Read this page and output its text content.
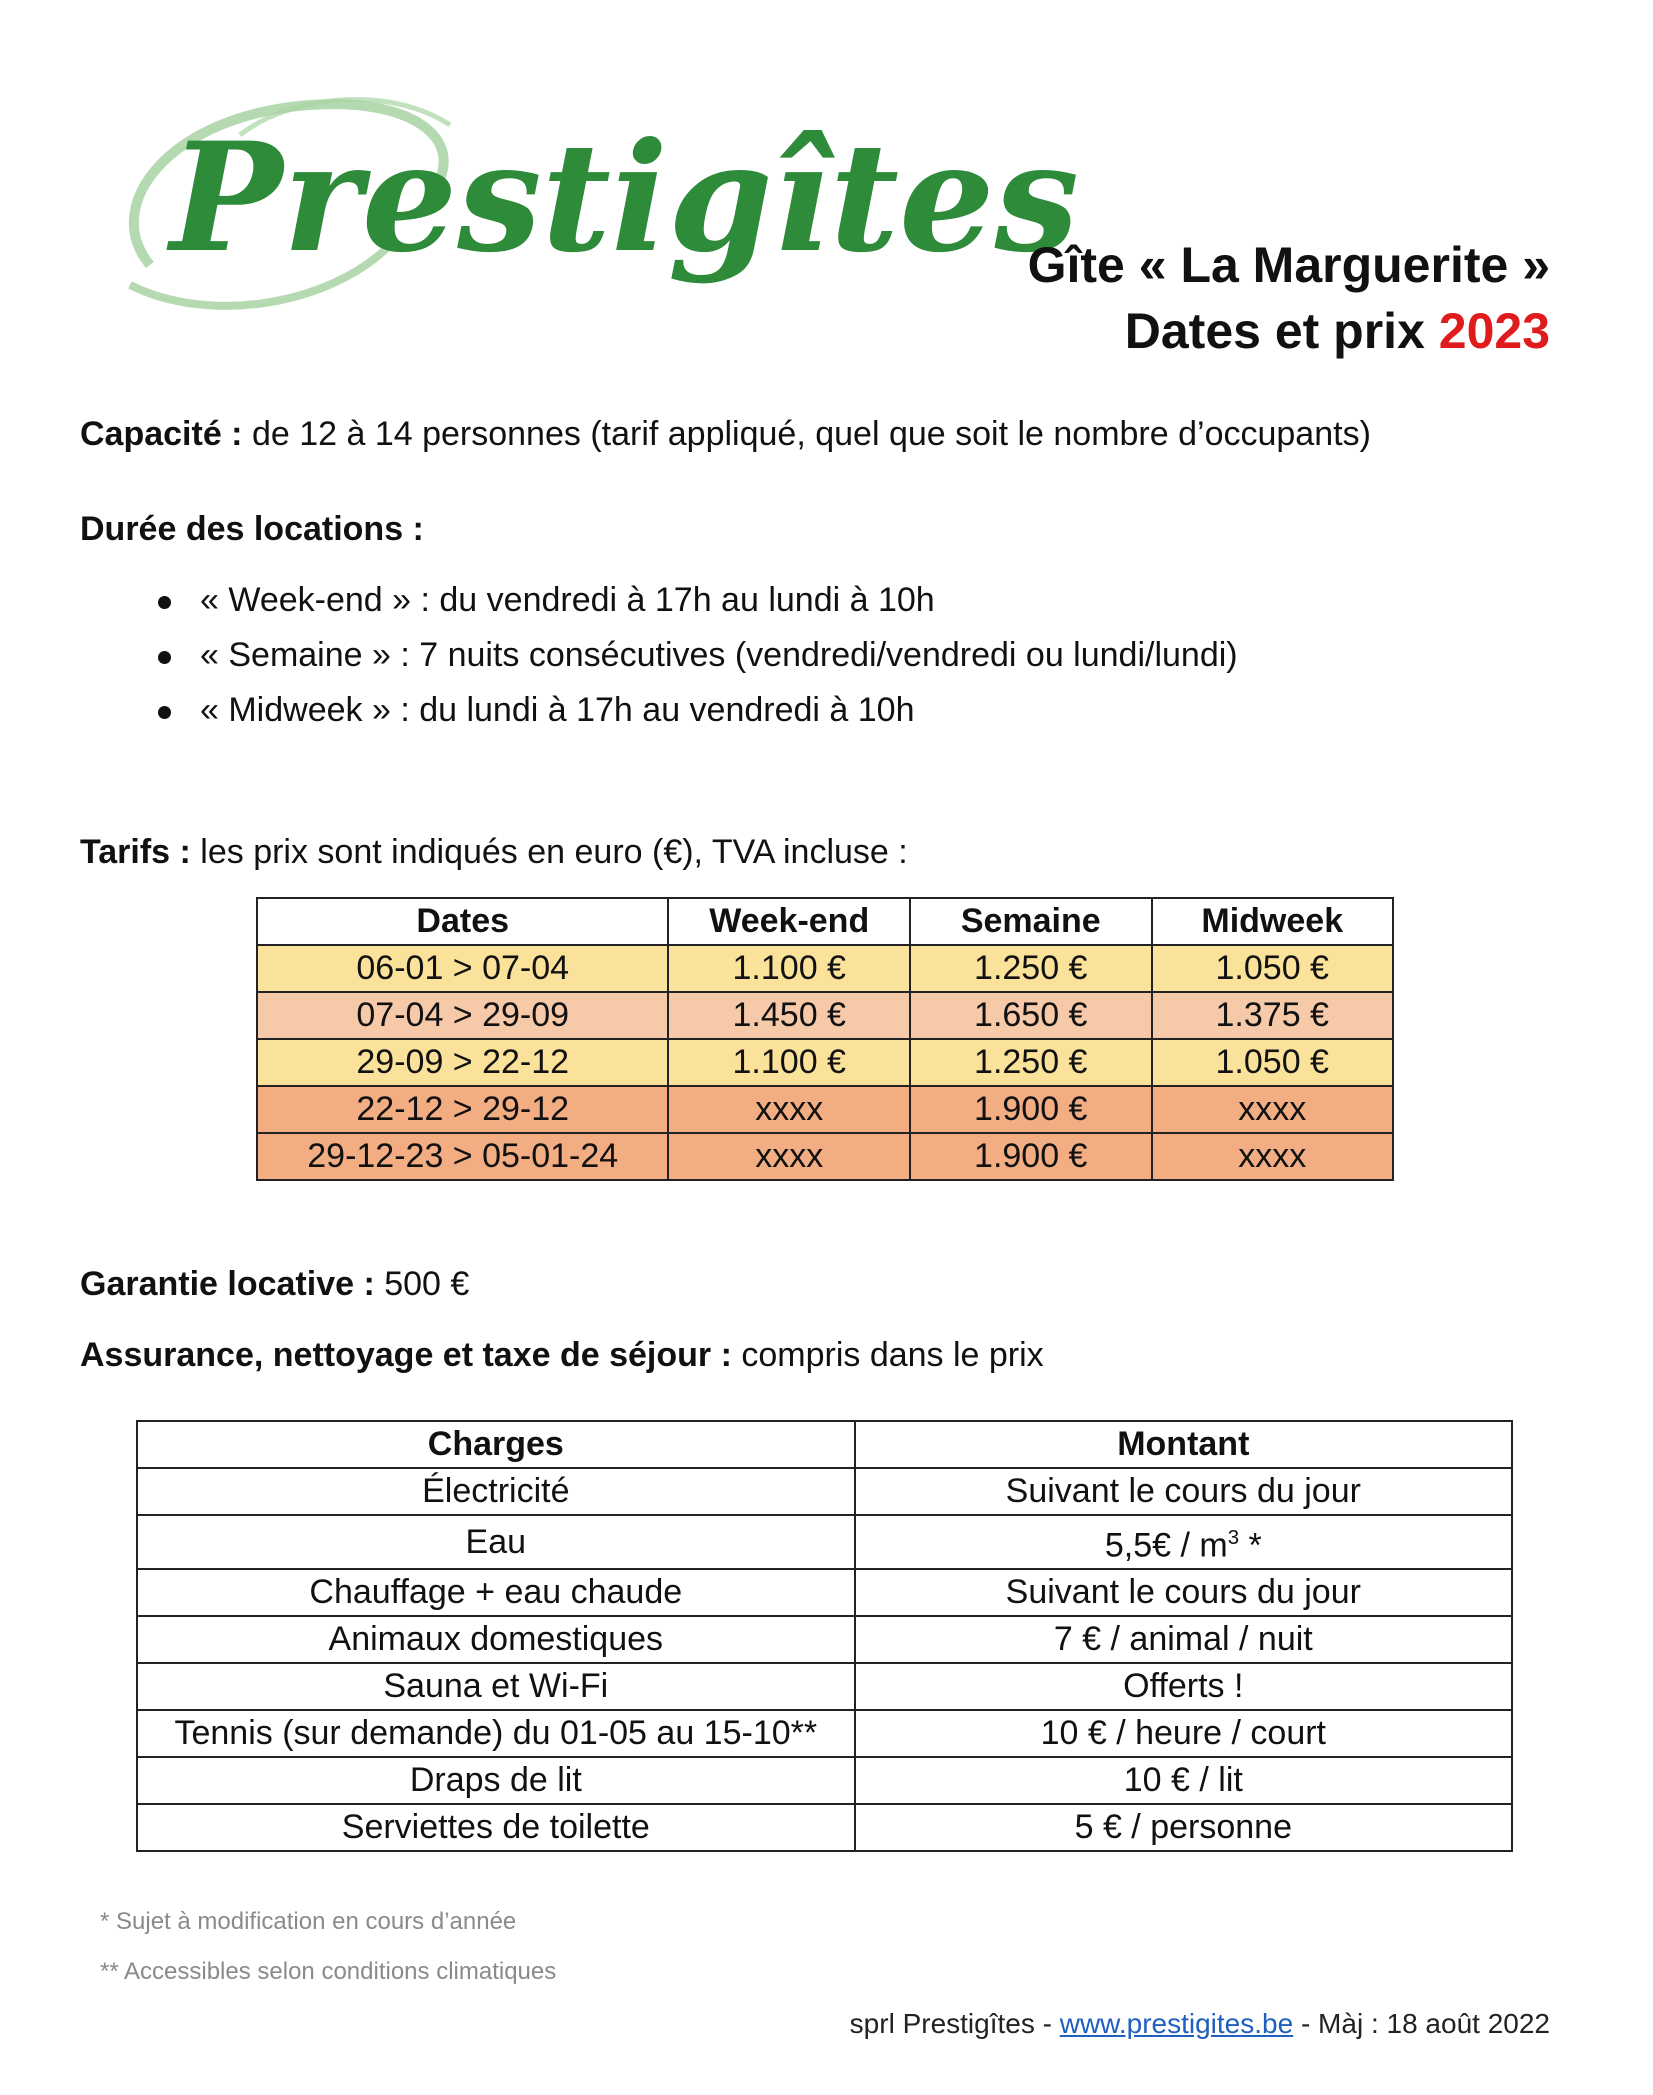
Prestigîtes
Gîte « La Marguerite »
Dates et prix 2023
Capacité : de 12 à 14 personnes (tarif appliqué, quel que soit le nombre d’occupants)
Durée des locations :
« Week-end » : du vendredi à 17h au lundi à 10h
« Semaine » : 7 nuits consécutives (vendredi/vendredi ou lundi/lundi)
« Midweek » : du lundi à 17h au vendredi à 10h
Tarifs : les prix sont indiqués en euro (€), TVA incluse :
Dates	Week-end	Semaine	Midweek
06-01 > 07-04	1.100 €	1.250 €	1.050 €
07-04 > 29-09	1.450 €	1.650 €	1.375 €
29-09 > 22-12	1.100 €	1.250 €	1.050 €
22-12 > 29-12	xxxx	1.900 €	xxxx
29-12-23 > 05-01-24	xxxx	1.900 €	xxxx
Garantie locative : 500 €
Assurance, nettoyage et taxe de séjour : compris dans le prix
Charges	Montant
Électricité	Suivant le cours du jour
Eau	5,5€ / $m^3$ *
Chauffage + eau chaude	Suivant le cours du jour
Animaux domestiques	7 € / animal / nuit
Sauna et Wi-Fi	Offerts !
Tennis (sur demande) du 01-05 au 15-10**	10 € / heure / court
Draps de lit	10 € / lit
Serviettes de toilette	5 € / personne
* Sujet à modification en cours d’année
** Accessibles selon conditions climatiques
sprl Prestigîtes - www.prestigites.be - Màj : 18 août 2022
